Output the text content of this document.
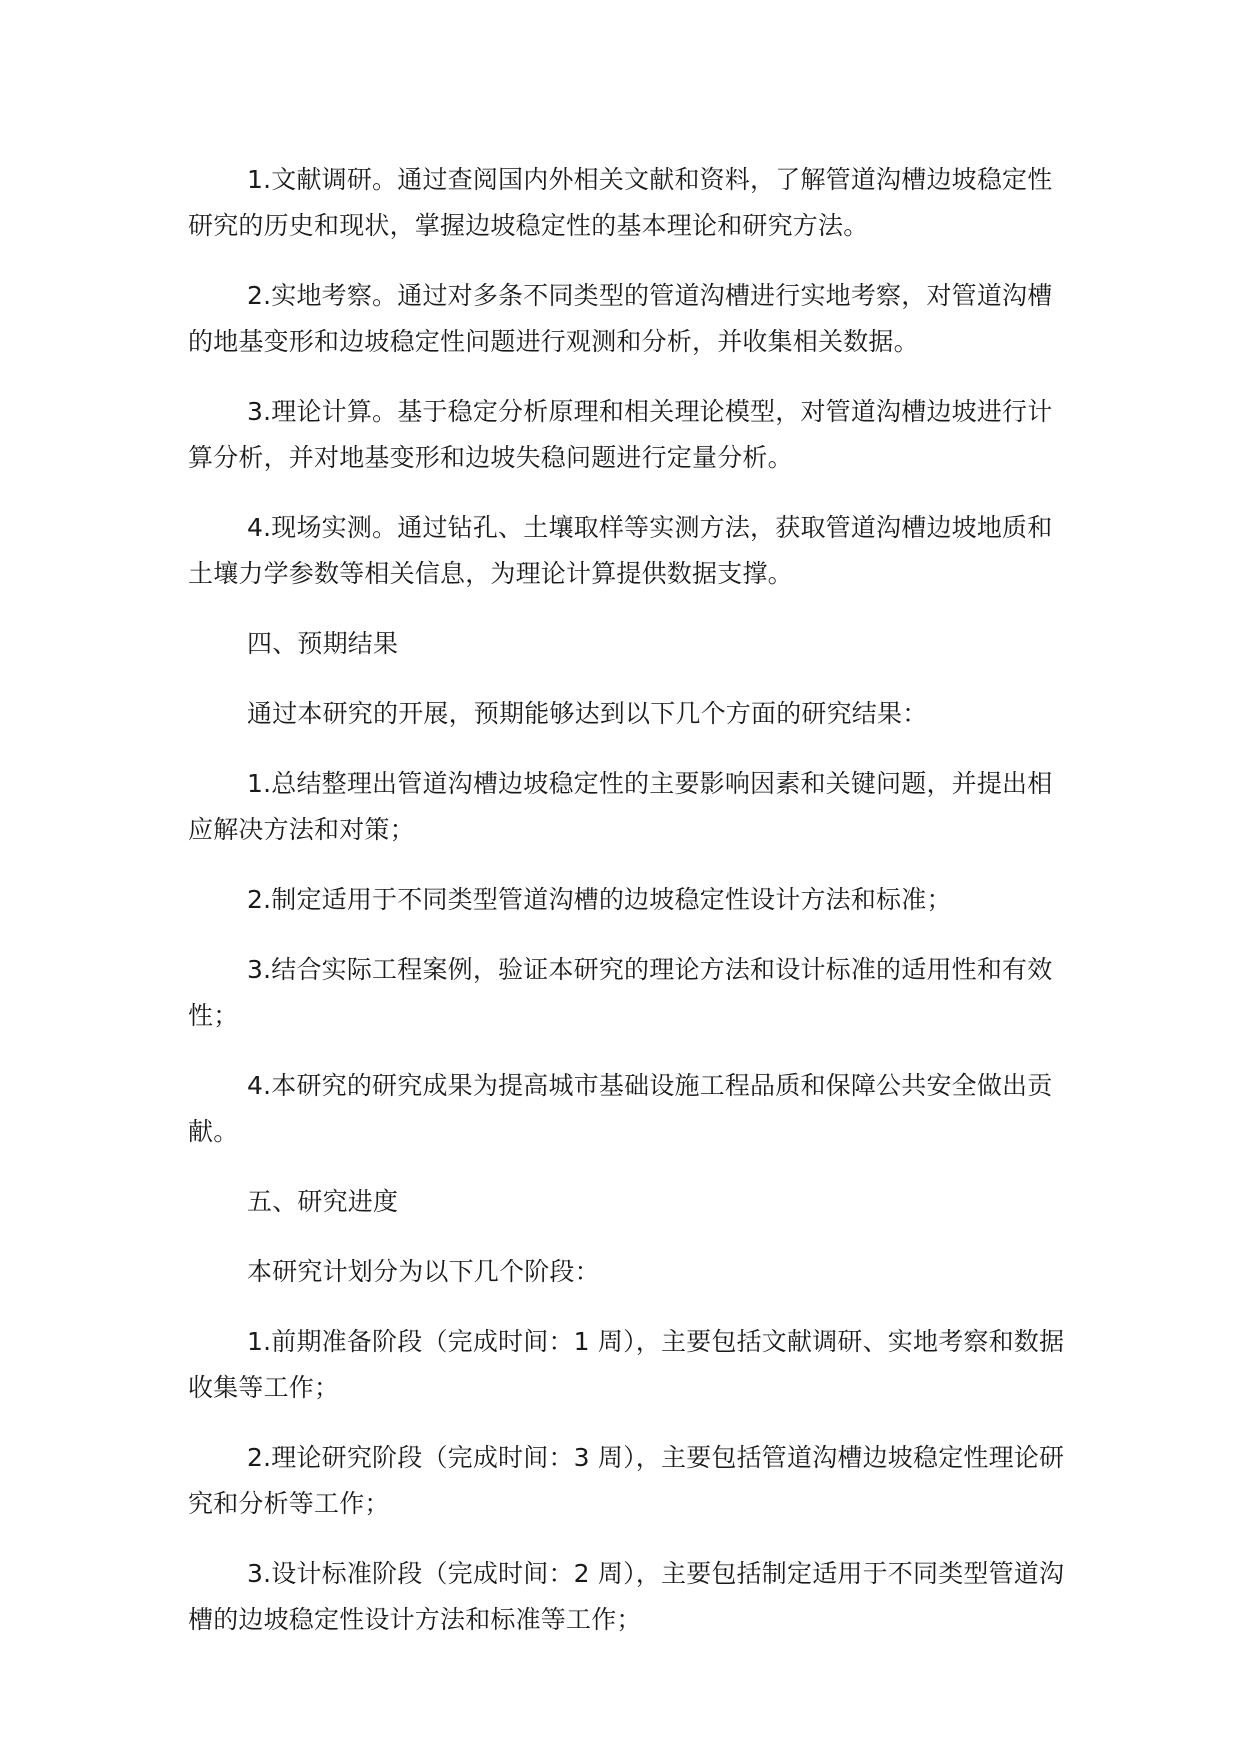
1.文献调研。通过查阅国内外相关文献和资料，了解管道沟槽边坡稳定性研究的历史和现状，掌握边坡稳定性的基本理论和研究方法。

2.实地考察。通过对多条不同类型的管道沟槽进行实地考察，对管道沟槽的地基变形和边坡稳定性问题进行观测和分析，并收集相关数据。

3.理论计算。基于稳定分析原理和相关理论模型，对管道沟槽边坡进行计算分析，并对地基变形和边坡失稳问题进行定量分析。

4.现场实测。通过钻孔、土壤取样等实测方法，获取管道沟槽边坡地质和土壤力学参数等相关信息，为理论计算提供数据支撑。

四、预期结果

通过本研究的开展，预期能够达到以下几个方面的研究结果：

1.总结整理出管道沟槽边坡稳定性的主要影响因素和关键问题，并提出相应解决方法和对策；

2.制定适用于不同类型管道沟槽的边坡稳定性设计方法和标准；

3.结合实际工程案例，验证本研究的理论方法和设计标准的适用性和有效性；

4.本研究的研究成果为提高城市基础设施工程品质和保障公共安全做出贡献。

五、研究进度

本研究计划分为以下几个阶段：

1.前期准备阶段（完成时间：1 周），主要包括文献调研、实地考察和数据收集等工作；

2.理论研究阶段（完成时间：3 周），主要包括管道沟槽边坡稳定性理论研究和分析等工作；

3.设计标准阶段（完成时间：2 周），主要包括制定适用于不同类型管道沟槽的边坡稳定性设计方法和标准等工作；
